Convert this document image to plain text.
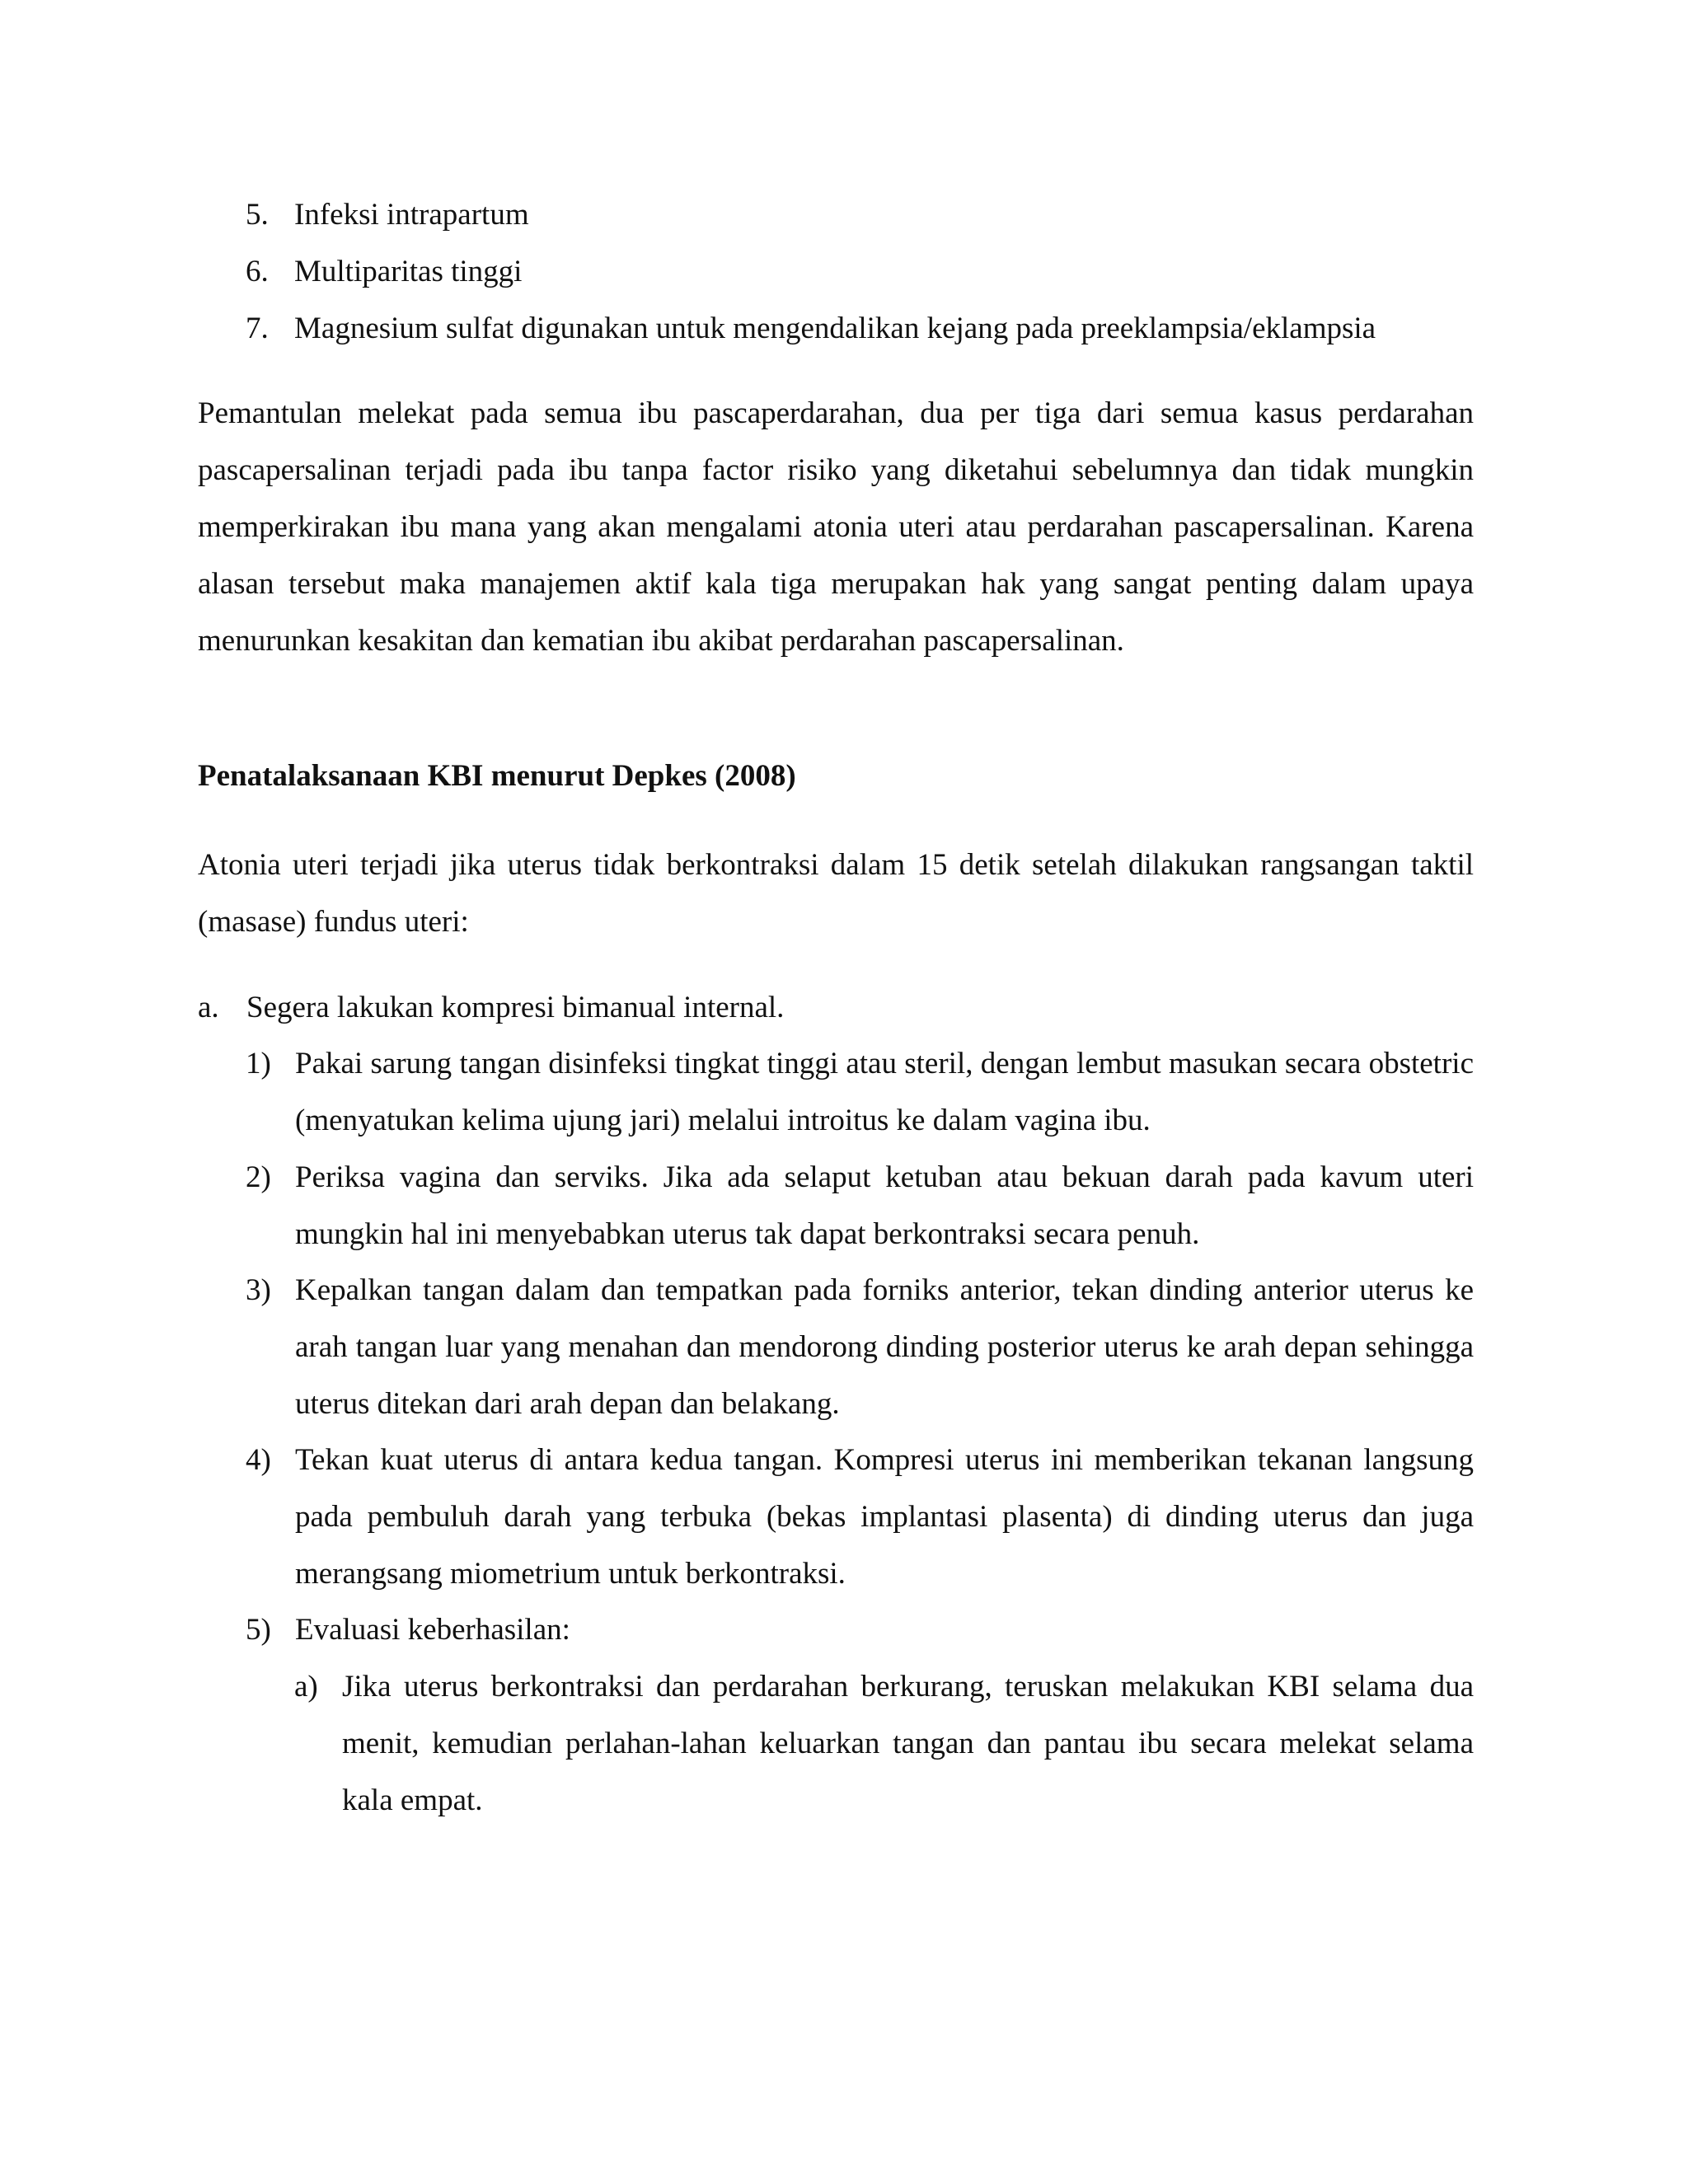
5. Infeksi intrapartum
6. Multiparitas tinggi
7. Magnesium sulfat digunakan untuk mengendalikan kejang pada preeklampsia/eklampsia

Pemantulan melekat pada semua ibu pascaperdarahan, dua per tiga dari semua kasus perdarahan pascapersalinan terjadi pada ibu tanpa factor risiko yang diketahui sebelumnya dan tidak mungkin memperkirakan ibu mana yang akan mengalami atonia uteri atau perdarahan pascapersalinan. Karena alasan tersebut maka manajemen aktif kala tiga merupakan hak yang sangat penting dalam upaya menurunkan kesakitan dan kematian ibu akibat perdarahan pascapersalinan.

Penatalaksanaan KBI menurut Depkes (2008)

Atonia uteri terjadi jika uterus tidak berkontraksi dalam 15 detik setelah dilakukan rangsangan taktil (masase) fundus uteri:

a. Segera lakukan kompresi bimanual internal.
1) Pakai sarung tangan disinfeksi tingkat tinggi atau steril, dengan lembut masukan secara obstetric (menyatukan kelima ujung jari) melalui introitus ke dalam vagina ibu.
2) Periksa vagina dan serviks. Jika ada selaput ketuban atau bekuan darah pada kavum uteri mungkin hal ini menyebabkan uterus tak dapat berkontraksi secara penuh.
3) Kepalkan tangan dalam dan tempatkan pada forniks anterior, tekan dinding anterior uterus ke arah tangan luar yang menahan dan mendorong dinding posterior uterus ke arah depan sehingga uterus ditekan dari arah depan dan belakang.
4) Tekan kuat uterus di antara kedua tangan. Kompresi uterus ini memberikan tekanan langsung pada pembuluh darah yang terbuka (bekas implantasi plasenta) di dinding uterus dan juga merangsang miometrium untuk berkontraksi.
5) Evaluasi keberhasilan:
a) Jika uterus berkontraksi dan perdarahan berkurang, teruskan melakukan KBI selama dua menit, kemudian perlahan-lahan keluarkan tangan dan pantau ibu secara melekat selama kala empat.
